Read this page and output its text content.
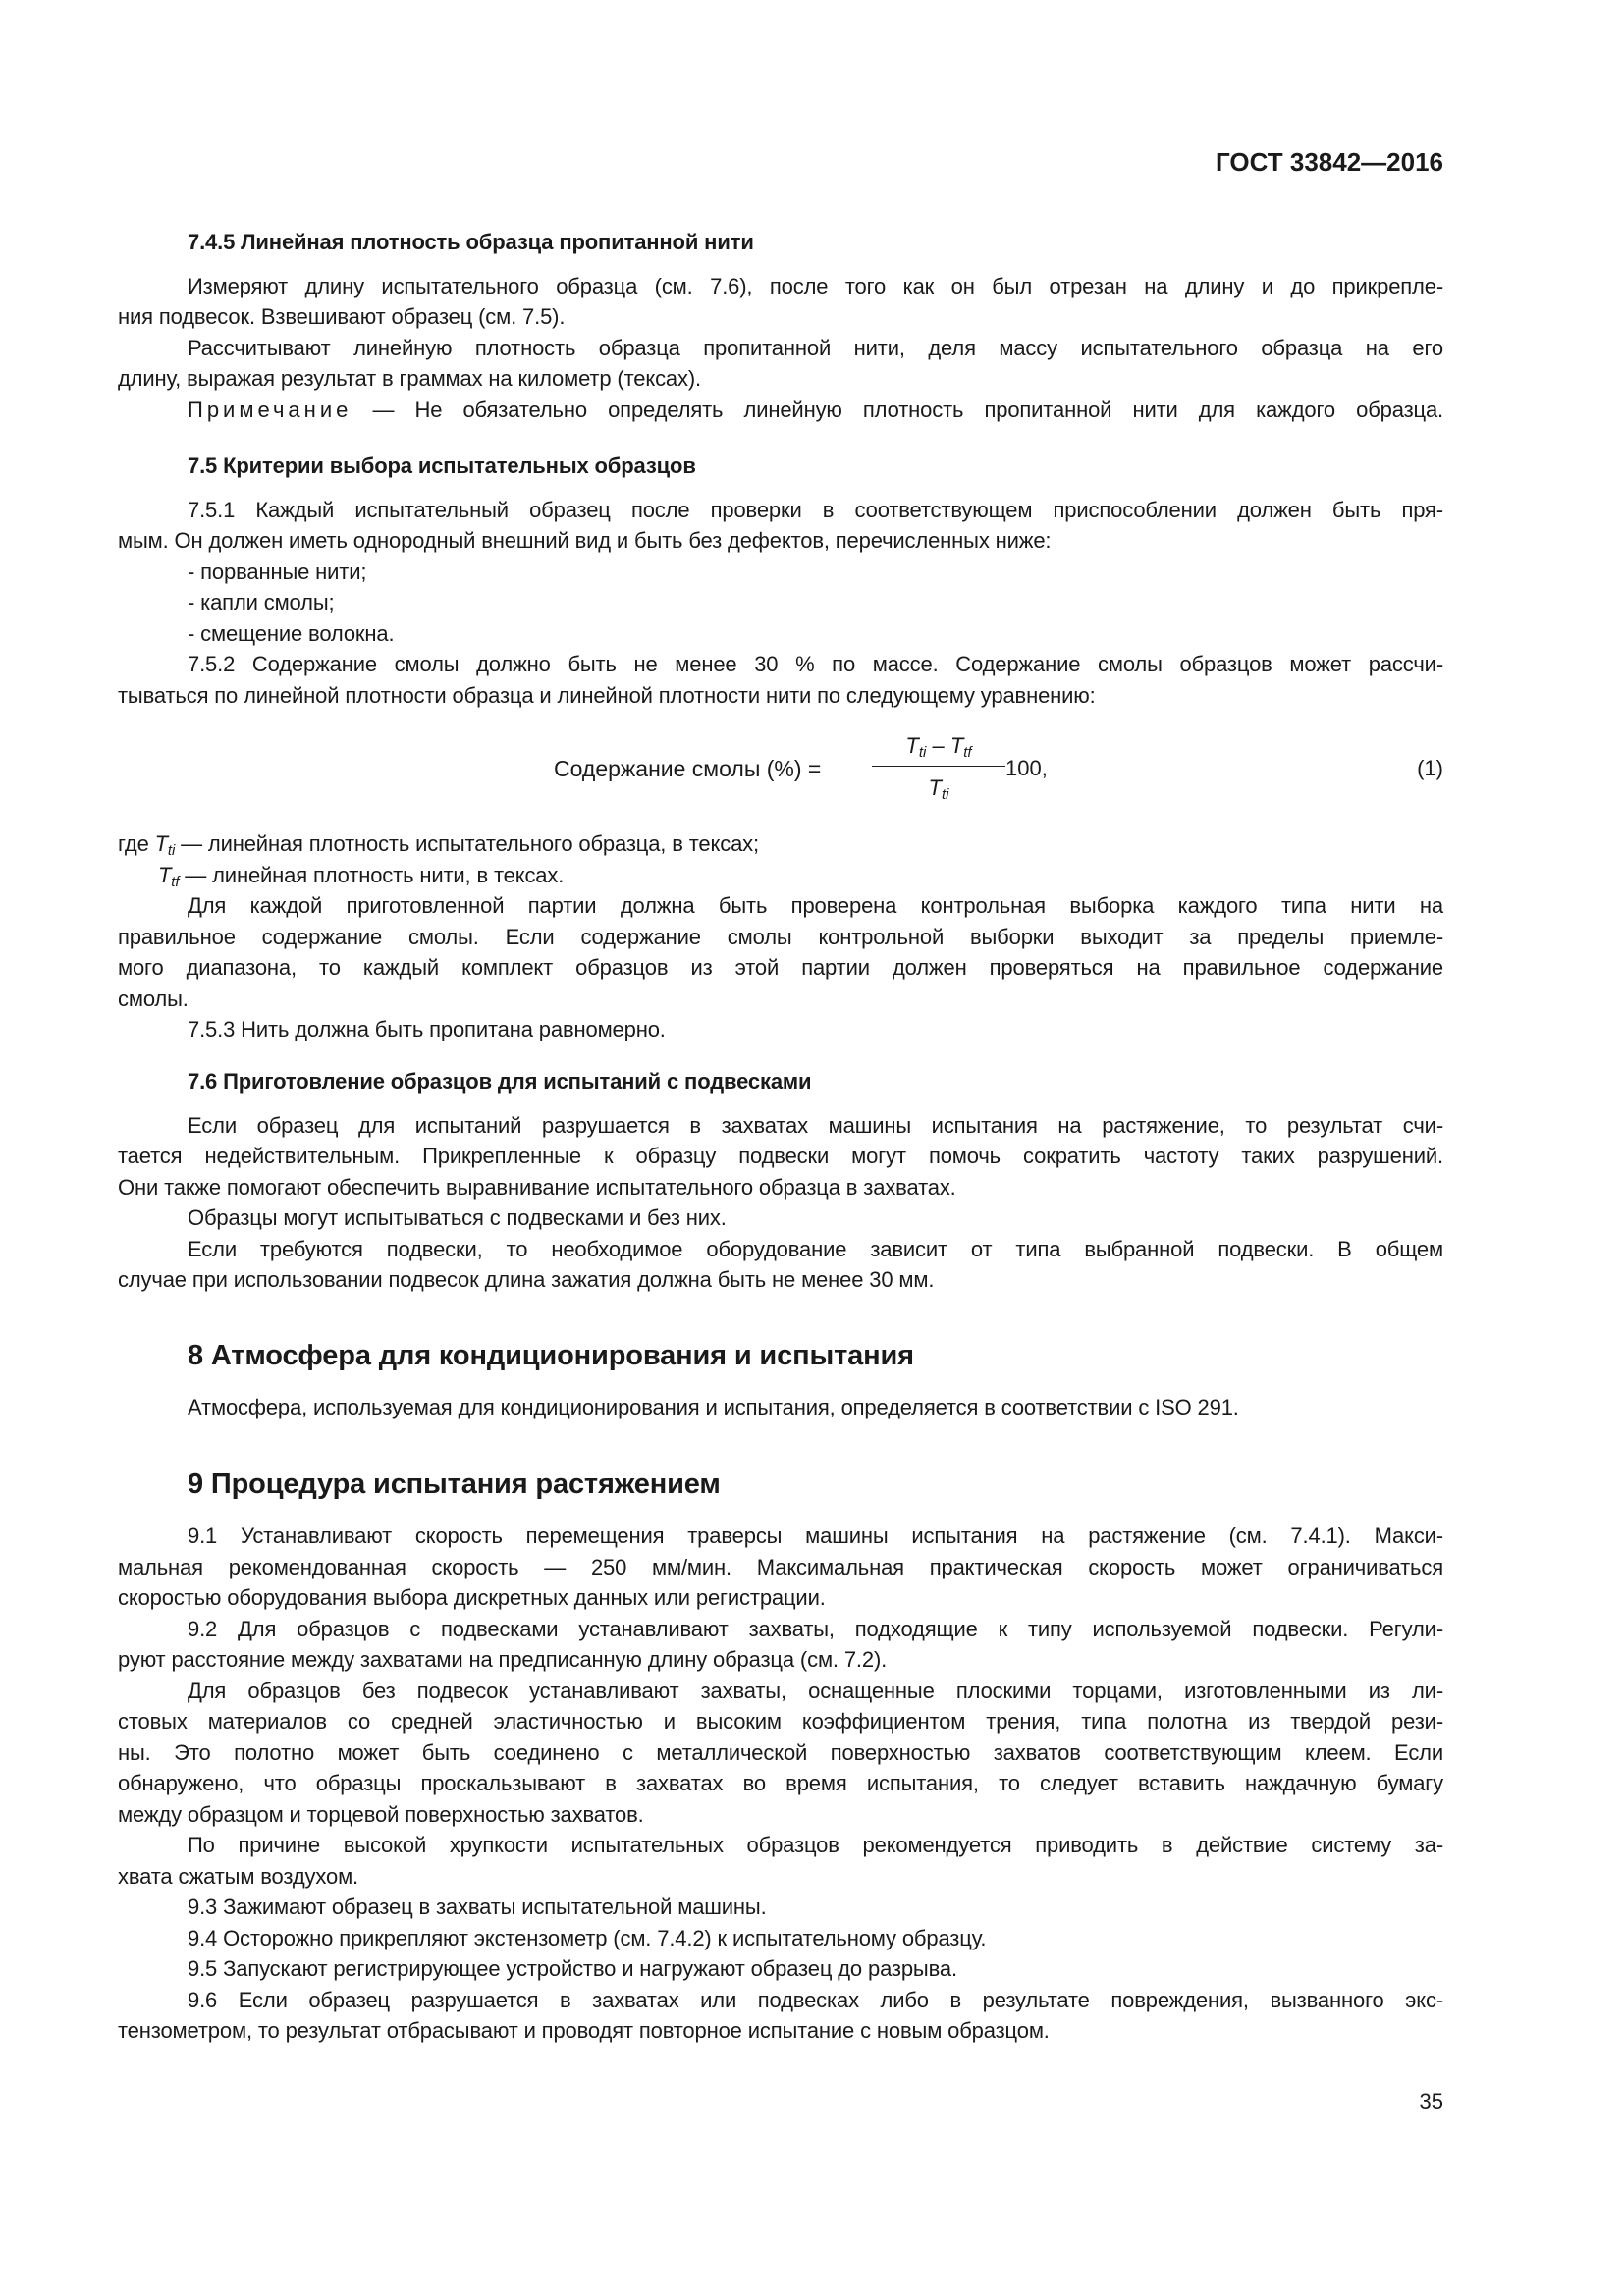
ГОСТ 33842—2016
7.4.5 Линейная плотность образца пропитанной нити
Измеряют длину испытательного образца (см. 7.6), после того как он был отрезан на длину и до прикрепле-
ния подвесок. Взвешивают образец (см. 7.5).
Рассчитывают линейную плотность образца пропитанной нити, деля массу испытательного образца на его
длину, выражая результат в граммах на километр (тексах).
Примечание — Не обязательно определять линейную плотность пропитанной нити для каждого образца.
7.5 Критерии выбора испытательных образцов
7.5.1 Каждый испытательный образец после проверки в соответствующем приспособлении должен быть пря-
мым. Он должен иметь однородный внешний вид и быть без дефектов, перечисленных ниже:
- порванные нити;
- капли смолы;
- смещение волокна.
7.5.2 Содержание смолы должно быть не менее 30 % по массе. Содержание смолы образцов может рассчи-
тываться по линейной плотности образца и линейной плотности нити по следующему уравнению:
Содержание смолы (%) =
$T_{ti} - T_{tf}$
$T_{ti}$
100,	(1)
где $T_{ti}$ — линейная плотность испытательного образца, в тексах;
$T_{tf}$ — линейная плотность нити, в тексах.
Для каждой приготовленной партии должна быть проверена контрольная выборка каждого типа нити на
правильное содержание смолы. Если содержание смолы контрольной выборки выходит за пределы приемле-
мого диапазона, то каждый комплект образцов из этой партии должен проверяться на правильное содержание
смолы.
7.5.3 Нить должна быть пропитана равномерно.
7.6 Приготовление образцов для испытаний с подвесками
Если образец для испытаний разрушается в захватах машины испытания на растяжение, то результат счи-
тается недействительным. Прикрепленные к образцу подвески могут помочь сократить частоту таких разрушений.
Они также помогают обеспечить выравнивание испытательного образца в захватах.
Образцы могут испытываться с подвесками и без них.
Если требуются подвески, то необходимое оборудование зависит от типа выбранной подвески. В общем
случае при использовании подвесок длина зажатия должна быть не менее 30 мм.
8 Атмосфера для кондиционирования и испытания
Атмосфера, используемая для кондиционирования и испытания, определяется в соответствии с ISO 291.
9 Процедура испытания растяжением
9.1 Устанавливают скорость перемещения траверсы машины испытания на растяжение (см. 7.4.1). Макси-
мальная рекомендованная скорость — 250 мм/мин. Максимальная практическая скорость может ограничиваться
скоростью оборудования выбора дискретных данных или регистрации.
9.2 Для образцов с подвесками устанавливают захваты, подходящие к типу используемой подвески. Регули-
руют расстояние между захватами на предписанную длину образца (см. 7.2).
Для образцов без подвесок устанавливают захваты, оснащенные плоскими торцами, изготовленными из ли-
стовых материалов со средней эластичностью и высоким коэффициентом трения, типа полотна из твердой рези-
ны. Это полотно может быть соединено с металлической поверхностью захватов соответствующим клеем. Если
обнаружено, что образцы проскальзывают в захватах во время испытания, то следует вставить наждачную бумагу
между образцом и торцевой поверхностью захватов.
По причине высокой хрупкости испытательных образцов рекомендуется приводить в действие систему за-
хвата сжатым воздухом.
9.3 Зажимают образец в захваты испытательной машины.
9.4 Осторожно прикрепляют экстензометр (см. 7.4.2) к испытательному образцу.
9.5 Запускают регистрирующее устройство и нагружают образец до разрыва.
9.6 Если образец разрушается в захватах или подвесках либо в результате повреждения, вызванного экс-
тензометром, то результат отбрасывают и проводят повторное испытание с новым образцом.
35
